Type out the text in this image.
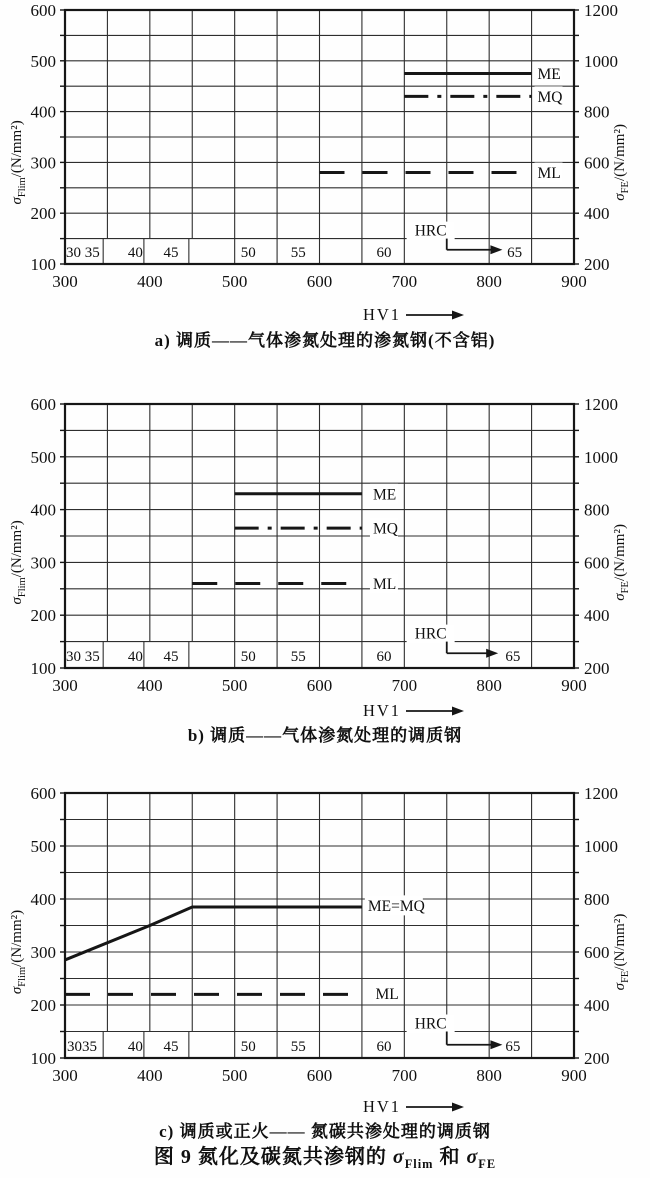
100
200
300
400
500
600
200
400
600
800
1000
1200
300	400	500	600	700	800	900
$\sigma_{Flim}/(N/mm^2)$
$\sigma_{FE}/(N/mm^2)$
HRC
30 35 40 45	50 55	60	65
ME
MQ
ML
HV1
a) 调质——气体渗氮处理的渗氮钢(不含铝)
100
200
300
400
500
600
200
400
600
800
1000
1200
300	400	500	600	700	800	900
$\sigma_{Flim}/(N/mm^2)$
$\sigma_{FE}/(N/mm^2)$
HRC
30 35 40 45	50 55	60	65
ME
MQ
ML
HV1
b) 调质——气体渗氮处理的调质钢
100
200
300
400
500
600
200
400
600
800
1000
1200
300	400	500	600	700	800	900
$\sigma_{Flim}/(N/mm^2)$
$\sigma_{FE}/(N/mm^2)$
HRC
3035 40 45	50 55	60	65
ME=MQ
ML
HV1
c) 调质或正火—— 氮碳共渗处理的调质钢
图 9 氮化及碳氮共渗钢的 $\sigma_{Flim}$ 和 $\sigma_{FE}$
